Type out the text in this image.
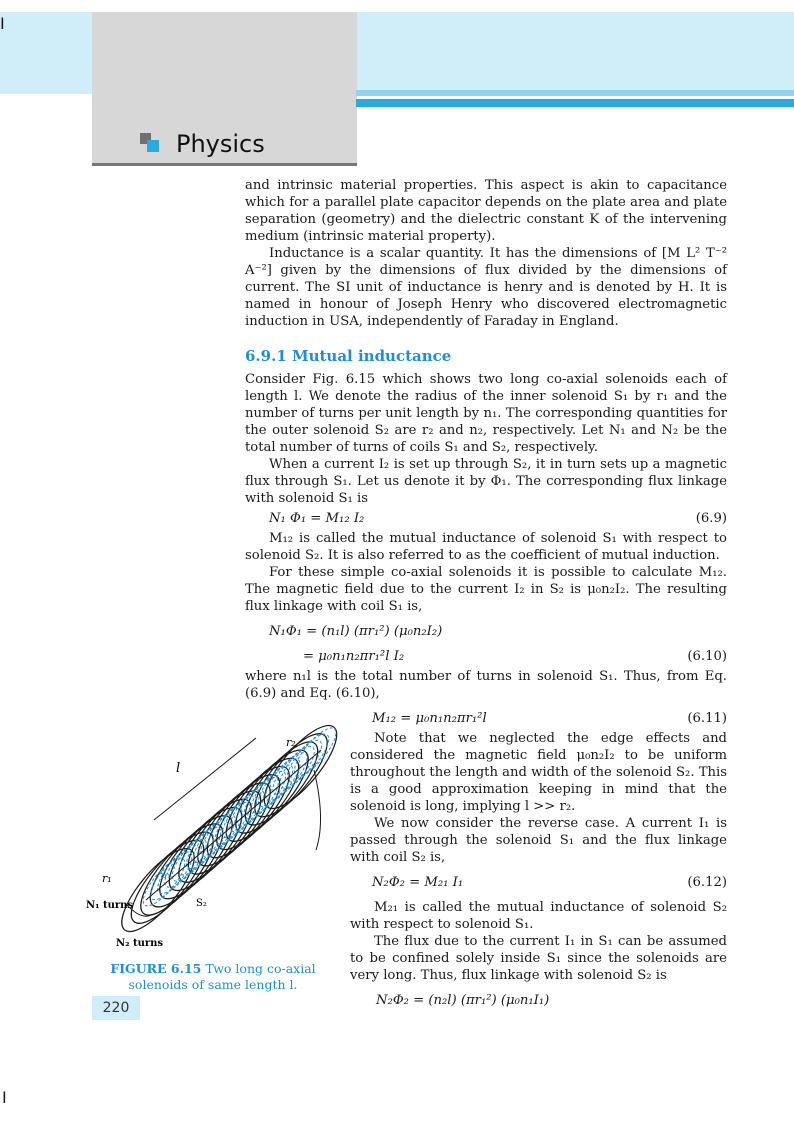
I
I
Physics

and intrinsic material properties. This aspect is akin to capacitance which for a parallel plate capacitor depends on the plate area and plate separation (geometry) and the dielectric constant K of the intervening medium (intrinsic material property).

Inductance is a scalar quantity. It has the dimensions of [M L² T⁻² A⁻²] given by the dimensions of flux divided by the dimensions of current. The SI unit of inductance is henry and is denoted by H. It is named in honour of Joseph Henry who discovered electromagnetic induction in USA, independently of Faraday in England.

6.9.1 Mutual inductance

Consider Fig. 6.15 which shows two long co-axial solenoids each of length l. We denote the radius of the inner solenoid S₁ by r₁ and the number of turns per unit length by n₁. The corresponding quantities for the outer solenoid S₂ are r₂ and n₂, respectively. Let N₁ and N₂ be the total number of turns of coils S₁ and S₂, respectively.

When a current I₂ is set up through S₂, it in turn sets up a magnetic flux through S₁. Let us denote it by Φ₁. The corresponding flux linkage with solenoid S₁ is

N₁ Φ₁ = M₁₂ I₂	(6.9)

M₁₂ is called the mutual inductance of solenoid S₁ with respect to solenoid S₂. It is also referred to as the coefficient of mutual induction.

For these simple co-axial solenoids it is possible to calculate M₁₂. The magnetic field due to the current I₂ in S₂ is μ₀n₂I₂. The resulting flux linkage with coil S₁ is,

N₁Φ₁ = (n₁l) (πr₁²) (μ₀n₂I₂)
= μ₀n₁n₂πr₁²l I₂	(6.10)

where n₁l is the total number of turns in solenoid S₁. Thus, from Eq. (6.9) and Eq. (6.10),

M₁₂ = μ₀n₁n₂πr₁²l	(6.11)

Note that we neglected the edge effects and considered the magnetic field μ₀n₂I₂ to be uniform throughout the length and width of the solenoid S₂. This is a good approximation keeping in mind that the solenoid is long, implying l >> r₂.

We now consider the reverse case. A current I₁ is passed through the solenoid S₁ and the flux linkage with coil S₂ is,

N₂Φ₂ = M₂₁ I₁	(6.12)

M₂₁ is called the mutual inductance of solenoid S₂ with respect to solenoid S₁.

The flux due to the current I₁ in S₁ can be assumed to be confined solely inside S₁ since the solenoids are very long. Thus, flux linkage with solenoid S₂ is

N₂Φ₂ = (n₂l) (πr₁²) (μ₀n₁I₁)
l
r₂
r₁	S₁
S₂
N₁ turns
N₂ turns
FIGURE 6.15 Two long co-axial solenoids of same length l.
220
